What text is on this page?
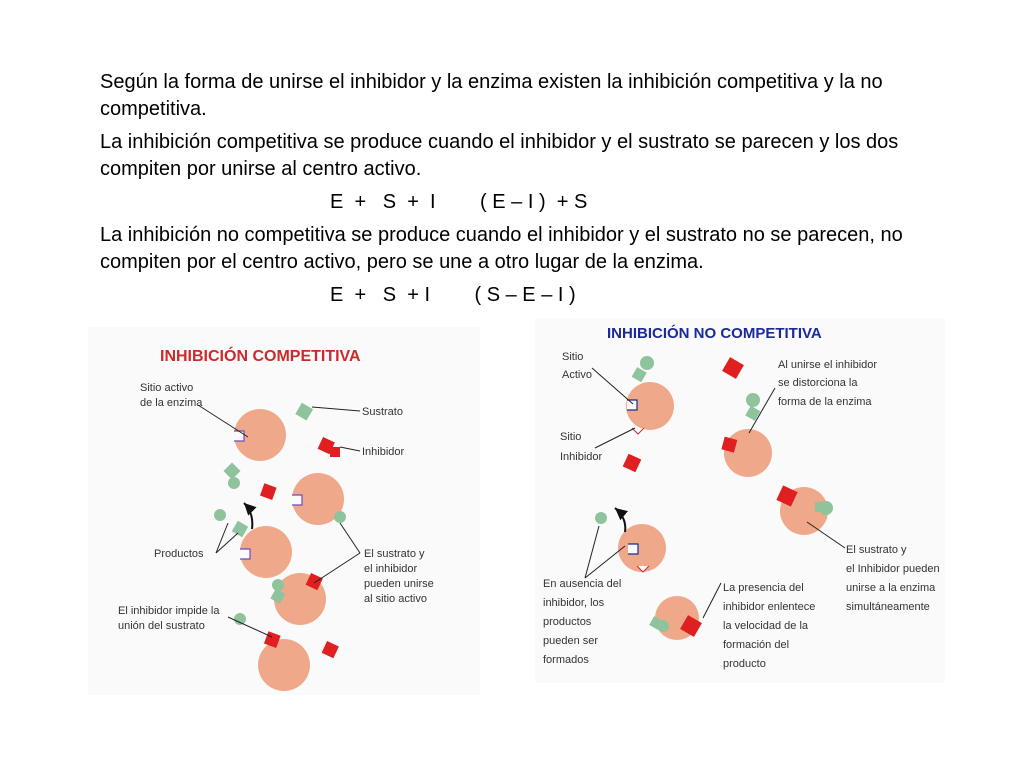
Según la forma de unirse el inhibidor y la enzima existen la inhibición competitiva y la no competitiva.
La inhibición competitiva se produce cuando el inhibidor y el sustrato se parecen y los dos compiten por unirse al centro activo.
E  +   S  +  I        ( E – I )  + S
La inhibición no competitiva se produce cuando el inhibidor y el sustrato no se parecen, no compiten por el centro activo, pero se une a otro lugar de la enzima.
E  +   S  + I        ( S – E – I )
INHIBICIÓN COMPETITIVA
Sitio activo
de la enzima
Sustrato
Inhibidor
Productos	El sustrato y
el inhibidor
pueden unirse
al sitio activo
El inhibidor impide la
unión del sustrato
INHIBICIÓN NO COMPETITIVA
Sitio
Activo
Sitio
Inhibidor
Al unirse el inhibidor
se distorciona la
forma de la enzima
En ausencia del
inhibidor, los
productos
pueden ser
formados
La presencia del
inhibidor enlentece
la velocidad de la
formación del
producto
El sustrato y
el Inhibidor pueden
unirse a la enzima
simultáneamente
